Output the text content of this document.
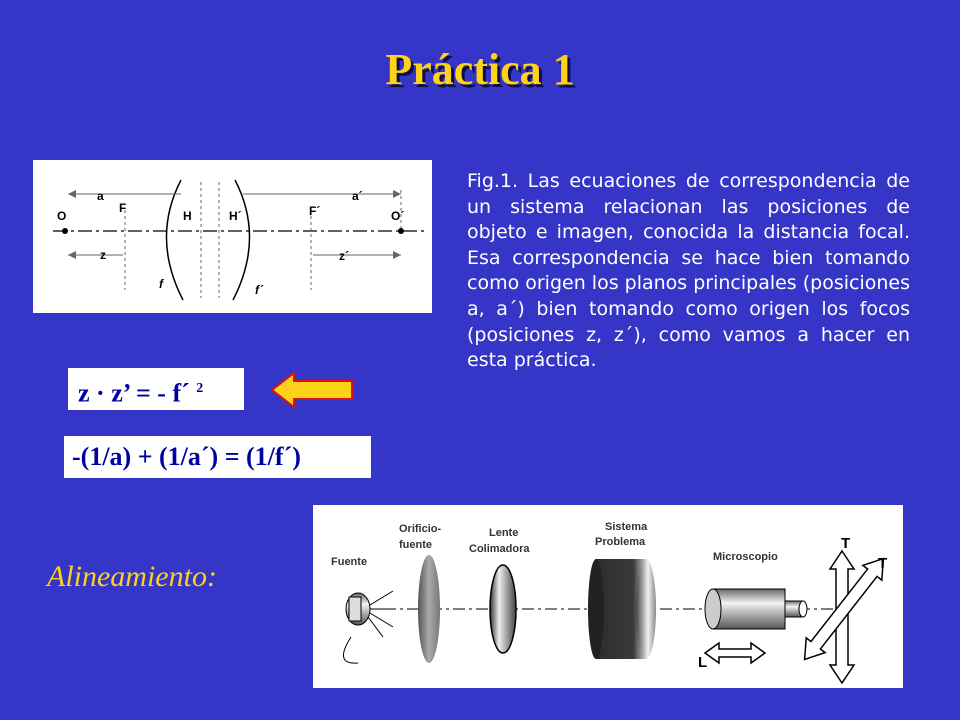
Práctica 1
a	a´
F	F´
O	O´
H	H´
z	z´
f	f´
z · z’ = - f´ $^2$
-(1/a) + (1/a´) = (1/f´)
Fig.1. Las ecuaciones de correspondencia de un sistema relacionan las posiciones de objeto e imagen, conocida la distancia focal. Esa correspondencia se hace bien tomando como origen los planos principales (posiciones a, a´) bien tomando como origen los focos (posiciones z, z´), como vamos a hacer en esta práctica.
Alineamiento:	Fuente
Orificio-
fuente
Lente
Colimadora
Sistema
Problema
Microscopio
T
T
L
